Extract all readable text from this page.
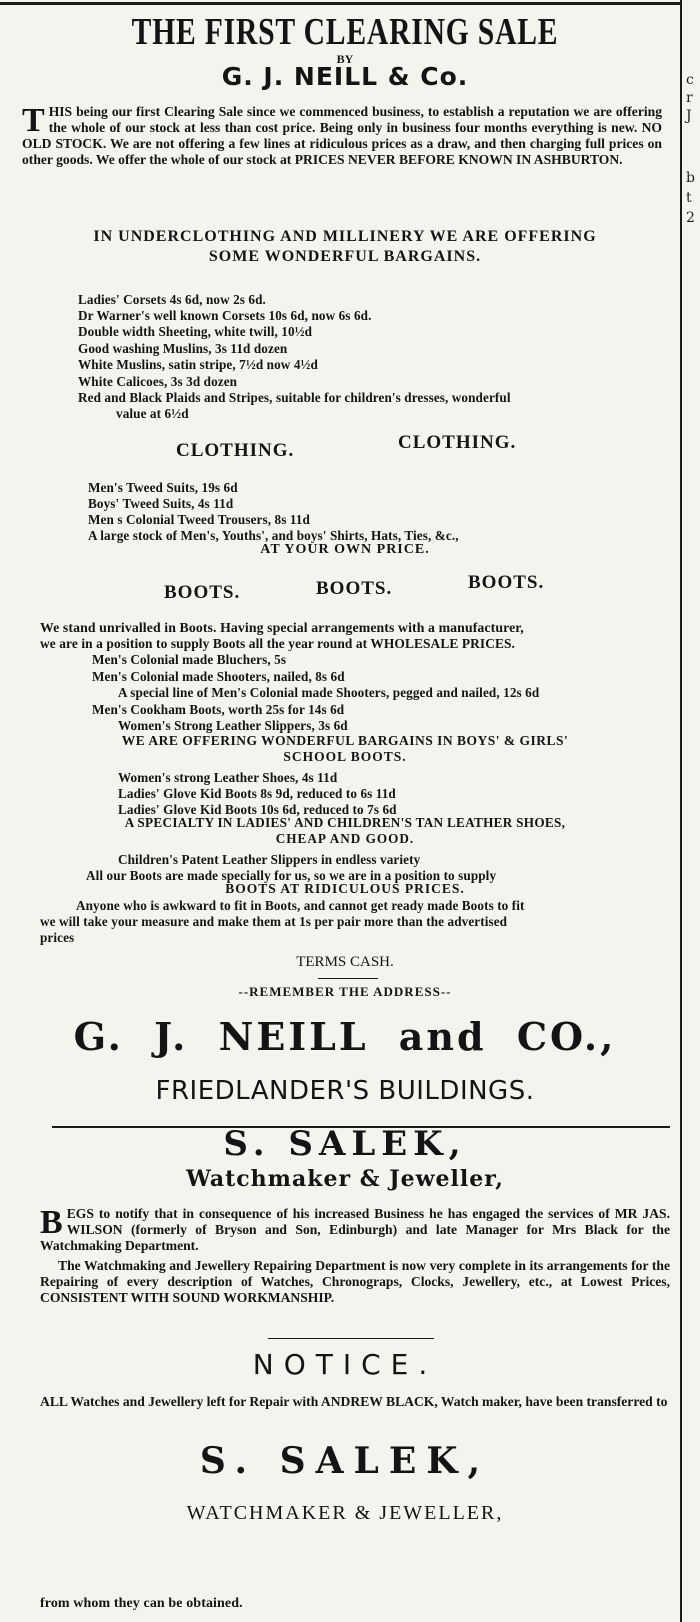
c
r
J
b
t
2
THE FIRST CLEARING SALE
BY
G. J. NEILL & Co.
THIS being our first Clearing Sale since we commenced business, to establish a reputation we are offering the whole of our stock at less than cost price. Being only in business four months everything is new. NO OLD STOCK. We are not offering a few lines at ridiculous prices as a draw, and then charging full prices on other goods. We offer the whole of our stock at PRICES NEVER BEFORE KNOWN IN ASHBURTON.
IN UNDERCLOTHING AND MILLINERY WE ARE OFFERING
SOME WONDERFUL BARGAINS.
Ladies' Corsets 4s 6d, now 2s 6d.
Dr Warner's well known Corsets 10s 6d, now 6s 6d.
Double width Sheeting, white twill, 10½d
Good washing Muslins, 3s 11d dozen
White Muslins, satin stripe, 7½d now 4½d
White Calicoes, 3s 3d dozen
Red and Black Plaids and Stripes, suitable for children's dresses, wonderful
value at 6½d
CLOTHING.	CLOTHING.
Men's Tweed Suits, 19s 6d
Boys' Tweed Suits, 4s 11d
Men s Colonial Tweed Trousers, 8s 11d
A large stock of Men's, Youths', and boys' Shirts, Hats, Ties, &c.,
AT YOUR OWN PRICE.
BOOTS.	BOOTS.	BOOTS.
We stand unrivalled in Boots. Having special arrangements with a manufacturer,
we are in a position to supply Boots all the year round at WHOLESALE PRICES.
Men's Colonial made Bluchers, 5s
Men's Colonial made Shooters, nailed, 8s 6d
A special line of Men's Colonial made Shooters, pegged and nailed, 12s 6d
Men's Cookham Boots, worth 25s for 14s 6d
Women's Strong Leather Slippers, 3s 6d
WE ARE OFFERING WONDERFUL BARGAINS IN BOYS' & GIRLS'
SCHOOL BOOTS.
Women's strong Leather Shoes, 4s 11d
Ladies' Glove Kid Boots 8s 9d, reduced to 6s 11d
Ladies' Glove Kid Boots 10s 6d, reduced to 7s 6d
A SPECIALTY IN LADIES' AND CHILDREN'S TAN LEATHER SHOES,
CHEAP AND GOOD.
Children's Patent Leather Slippers in endless variety
All our Boots are made specially for us, so we are in a position to supply
BOOTS AT RIDICULOUS PRICES.
Anyone who is awkward to fit in Boots, and cannot get ready made Boots to fit
we will take your measure and make them at 1s per pair more than the advertised
prices
TERMS CASH.
--REMEMBER THE ADDRESS--
G. J. NEILL and CO.,
FRIEDLANDER'S BUILDINGS.
S. SALEK,
Watchmaker & Jeweller,
BEGS to notify that in consequence of his increased Business he has engaged the services of MR JAS. WILSON (formerly of Bryson and Son, Edinburgh) and late Manager for Mrs Black for the Watchmaking Department.
The Watchmaking and Jewellery Repairing Department is now very complete in its arrangements for the Repairing of every description of Watches, Chronograps, Clocks, Jewellery, etc., at Lowest Prices, CONSISTENT WITH SOUND WORKMANSHIP.
NOTICE.
ALL Watches and Jewellery left for Repair with ANDREW BLACK, Watch maker, have been transferred to
S. SALEK,
WATCHMAKER & JEWELLER,
from whom they can be obtained.
